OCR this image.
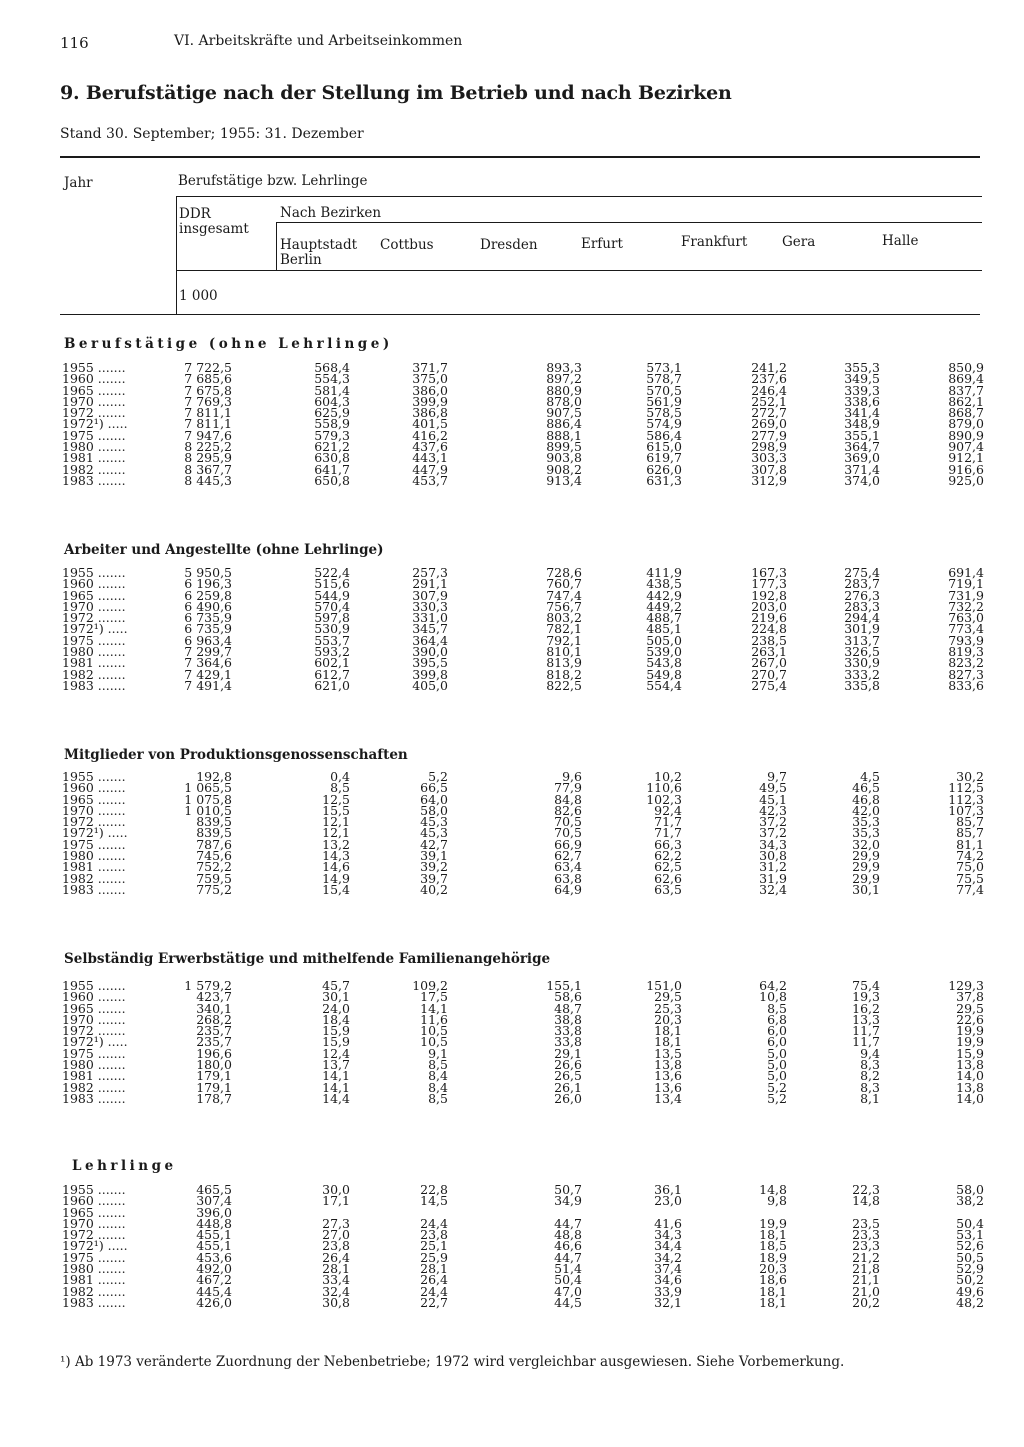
116	VI. Arbeitskräfte und Arbeitseinkommen
9. Berufstätige nach der Stellung im Betrieb und nach Bezirken
Stand 30. September; 1955: 31. Dezember
Jahr	Berufstätige bzw. Lehrlinge
DDR insgesamt
Nach Bezirken
Hauptstadt Berlin
Cottbus	Dresden	Erfurt	Frankfurt	Gera	Halle
1 000
Berufstätige (ohne Lehrlinge)
1955 .......	7 722,5	568,4	371,7	893,3	573,1	241,2	355,3	850,9
1960 .......	7 685,6	554,3	375,0	897,2	578,7	237,6	349,5	869,4
1965 .......	7 675,8	581,4	386,0	880,9	570,5	246,4	339,3	837,7
1970 .......	7 769,3	604,3	399,9	878,0	561,9	252,1	338,6	862,1
1972 .......	7 811,1	625,9	386,8	907,5	578,5	272,7	341,4	868,7
1972¹) .....	7 811,1	558,9	401,5	886,4	574,9	269,0	348,9	879,0
1975 .......	7 947,6	579,3	416,2	888,1	586,4	277,9	355,1	890,9
1980 .......	8 225,2	621,2	437,6	899,5	615,0	298,9	364,7	907,4
1981 .......	8 295,9	630,8	443,1	903,8	619,7	303,3	369,0	912,1
1982 .......	8 367,7	641,7	447,9	908,2	626,0	307,8	371,4	916,6
1983 .......	8 445,3	650,8	453,7	913,4	631,3	312,9	374,0	925,0
Arbeiter und Angestellte (ohne Lehrlinge)
1955 .......	5 950,5	522,4	257,3	728,6	411,9	167,3	275,4	691,4
1960 .......	6 196,3	515,6	291,1	760,7	438,5	177,3	283,7	719,1
1965 .......	6 259,8	544,9	307,9	747,4	442,9	192,8	276,3	731,9
1970 .......	6 490,6	570,4	330,3	756,7	449,2	203,0	283,3	732,2
1972 .......	6 735,9	597,8	331,0	803,2	488,7	219,6	294,4	763,0
1972¹) .....	6 735,9	530,9	345,7	782,1	485,1	224,8	301,9	773,4
1975 .......	6 963,4	553,7	364,4	792,1	505,0	238,5	313,7	793,9
1980 .......	7 299,7	593,2	390,0	810,1	539,0	263,1	326,5	819,3
1981 .......	7 364,6	602,1	395,5	813,9	543,8	267,0	330,9	823,2
1982 .......	7 429,1	612,7	399,8	818,2	549,8	270,7	333,2	827,3
1983 .......	7 491,4	621,0	405,0	822,5	554,4	275,4	335,8	833,6
Mitglieder von Produktionsgenossenschaften
1955 .......	192,8	0,4	5,2	9,6	10,2	9,7	4,5	30,2
1960 .......	1 065,5	8,5	66,5	77,9	110,6	49,5	46,5	112,5
1965 .......	1 075,8	12,5	64,0	84,8	102,3	45,1	46,8	112,3
1970 .......	1 010,5	15,5	58,0	82,6	92,4	42,3	42,0	107,3
1972 .......	839,5	12,1	45,3	70,5	71,7	37,2	35,3	85,7
1972¹) .....	839,5	12,1	45,3	70,5	71,7	37,2	35,3	85,7
1975 .......	787,6	13,2	42,7	66,9	66,3	34,3	32,0	81,1
1980 .......	745,6	14,3	39,1	62,7	62,2	30,8	29,9	74,2
1981 .......	752,2	14,6	39,2	63,4	62,5	31,2	29,9	75,0
1982 .......	759,5	14,9	39,7	63,8	62,6	31,9	29,9	75,5
1983 .......	775,2	15,4	40,2	64,9	63,5	32,4	30,1	77,4
Selbständig Erwerbstätige und mithelfende Familienangehörige
1955 .......	1 579,2	45,7	109,2	155,1	151,0	64,2	75,4	129,3
1960 .......	423,7	30,1	17,5	58,6	29,5	10,8	19,3	37,8
1965 .......	340,1	24,0	14,1	48,7	25,3	8,5	16,2	29,5
1970 .......	268,2	18,4	11,6	38,8	20,3	6,8	13,3	22,6
1972 .......	235,7	15,9	10,5	33,8	18,1	6,0	11,7	19,9
1972¹) .....	235,7	15,9	10,5	33,8	18,1	6,0	11,7	19,9
1975 .......	196,6	12,4	9,1	29,1	13,5	5,0	9,4	15,9
1980 .......	180,0	13,7	8,5	26,6	13,8	5,0	8,3	13,8
1981 .......	179,1	14,1	8,4	26,5	13,6	5,0	8,2	14,0
1982 .......	179,1	14,1	8,4	26,1	13,6	5,2	8,3	13,8
1983 .......	178,7	14,4	8,5	26,0	13,4	5,2	8,1	14,0
Lehrlinge
1955 .......	465,5	30,0	22,8	50,7	36,1	14,8	22,3	58,0
1960 .......	307,4	17,1	14,5	34,9	23,0	9,8	14,8	38,2
1965 .......	396,0
1970 .......	448,8	27,3	24,4	44,7	41,6	19,9	23,5	50,4
1972 .......	455,1	27,0	23,8	48,8	34,3	18,1	23,3	53,1
1972¹) .....	455,1	23,8	25,1	46,6	34,4	18,5	23,3	52,6
1975 .......	453,6	26,4	25,9	44,7	34,2	18,9	21,2	50,5
1980 .......	492,0	28,1	28,1	51,4	37,4	20,3	21,8	52,9
1981 .......	467,2	33,4	26,4	50,4	34,6	18,6	21,1	50,2
1982 .......	445,4	32,4	24,4	47,0	33,9	18,1	21,0	49,6
1983 .......	426,0	30,8	22,7	44,5	32,1	18,1	20,2	48,2
¹) Ab 1973 veränderte Zuordnung der Nebenbetriebe; 1972 wird vergleichbar ausgewiesen. Siehe Vorbemerkung.
